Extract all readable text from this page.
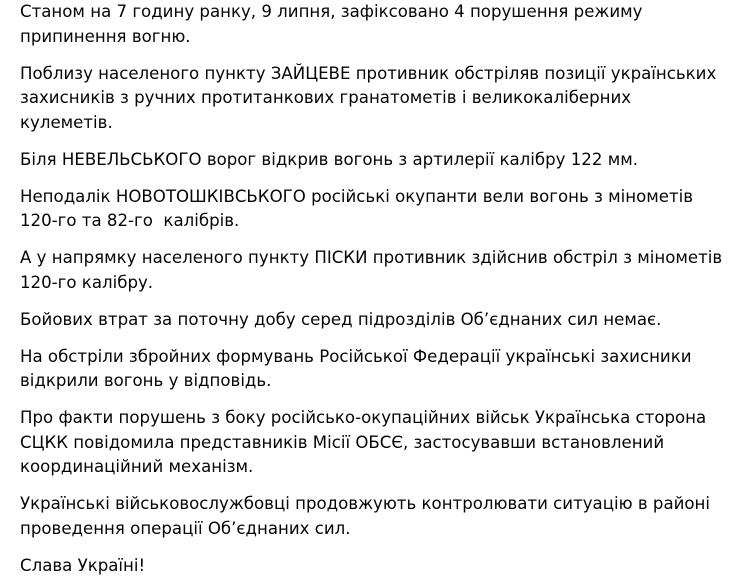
Станом на 7 годину ранку, 9 липня, зафіксовано 4 порушення режиму
припинення вогню.

Поблизу населеного пункту ЗАЙЦЕВЕ противник обстріляв позиції українських
захисників з ручних протитанкових гранатометів і великокаліберних кулеметів.

Біля НЕВЕЛЬСЬКОГО ворог відкрив вогонь з артилерії калібру 122 мм.

Неподалік НОВОТОШКІВСЬКОГО російські окупанти вели вогонь з мінометів
120-го та 82-го  калібрів.

А у напрямку населеного пункту ПІСКИ противник здійснив обстріл з мінометів
120-го калібру.

Бойових втрат за поточну добу серед підрозділів Об’єднаних сил немає.

На обстріли збройних формувань Російської Федерації українські захисники
відкрили вогонь у відповідь.

Про факти порушень з боку російсько-окупаційних військ Українська сторона
СЦКК повідомила представників Місії ОБСЄ, застосувавши встановлений
координаційний механізм.

Українські військовослужбовці продовжують контролювати ситуацію в районі
проведення операції Об’єднаних сил.

Слава Україні!
